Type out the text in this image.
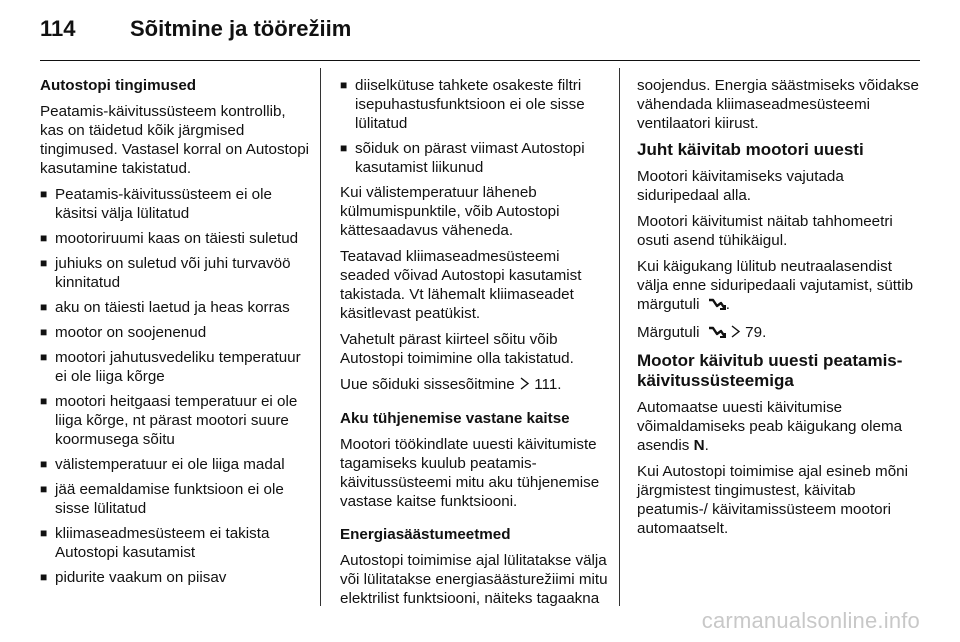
114	Sõitmine ja töörežiim

Autostopi tingimused

Peatamis-käivitussüsteem kontrollib, kas on täidetud kõik järgmised tingimused. Vastasel korral on Autostopi kasutamine takistatud.

■ Peatamis-käivitussüsteem ei ole käsitsi välja lülitatud
■ mootoriruumi kaas on täiesti suletud
■ juhiuks on suletud või juhi turvavöö kinnitatud
■ aku on täiesti laetud ja heas korras
■ mootor on soojenenud
■ mootori jahutusvedeliku temperatuur ei ole liiga kõrge
■ mootori heitgaasi temperatuur ei ole liiga kõrge, nt pärast mootori suure koormusega sõitu
■ välistemperatuur ei ole liiga madal
■ jää eemaldamise funktsioon ei ole sisse lülitatud
■ kliimaseadmesüsteem ei takista Autostopi kasutamist
■ pidurite vaakum on piisav
■ diiselkütuse tahkete osakeste filtri isepuhastusfunktsioon ei ole sisse lülitatud
■ sõiduk on pärast viimast Autostopi kasutamist liikunud

Kui välistemperatuur läheneb külmumispunktile, võib Autostopi kättesaadavus väheneda.

Teatavad kliimaseadmesüsteemi seaded võivad Autostopi kasutamist takistada. Vt lähemalt kliimaseadet käsitlevast peatükist.

Vahetult pärast kiirteel sõitu võib Autostopi toimimine olla takistatud.

Uue sõiduki sissesõitmine 111.

Aku tühjenemise vastane kaitse

Mootori töökindlate uuesti käivitumiste tagamiseks kuulub peatamis-käivitussüsteemi mitu aku tühjenemise vastase kaitse funktsiooni.

Energiasäästumeetmed

Autostopi toimimise ajal lülitatakse välja või lülitatakse energiasäästurežiimi mitu elektrilist funktsiooni, näiteks tagaakna

soojendus. Energia säästmiseks võidakse vähendada kliimaseadmesüsteemi ventilaatori kiirust.

Juht käivitab mootori uuesti

Mootori käivitamiseks vajutada siduripedaal alla.

Mootori käivitumist näitab tahhomeetri osuti asend tühikäigul.

Kui käigukang lülitub neutraalasendist välja enne siduripedaali vajutamist, süttib märgutuli .

Märgutuli	79.

Mootor käivitub uuesti peatamis-käivitussüsteemiga

Automaatse uuesti käivitumise võimaldamiseks peab käigukang olema asendis N.

Kui Autostopi toimimise ajal esineb mõni järgmistest tingimustest, käivitab peatumis-/ käivitamissüsteem mootori automaatselt.

carmanualsonline.info
